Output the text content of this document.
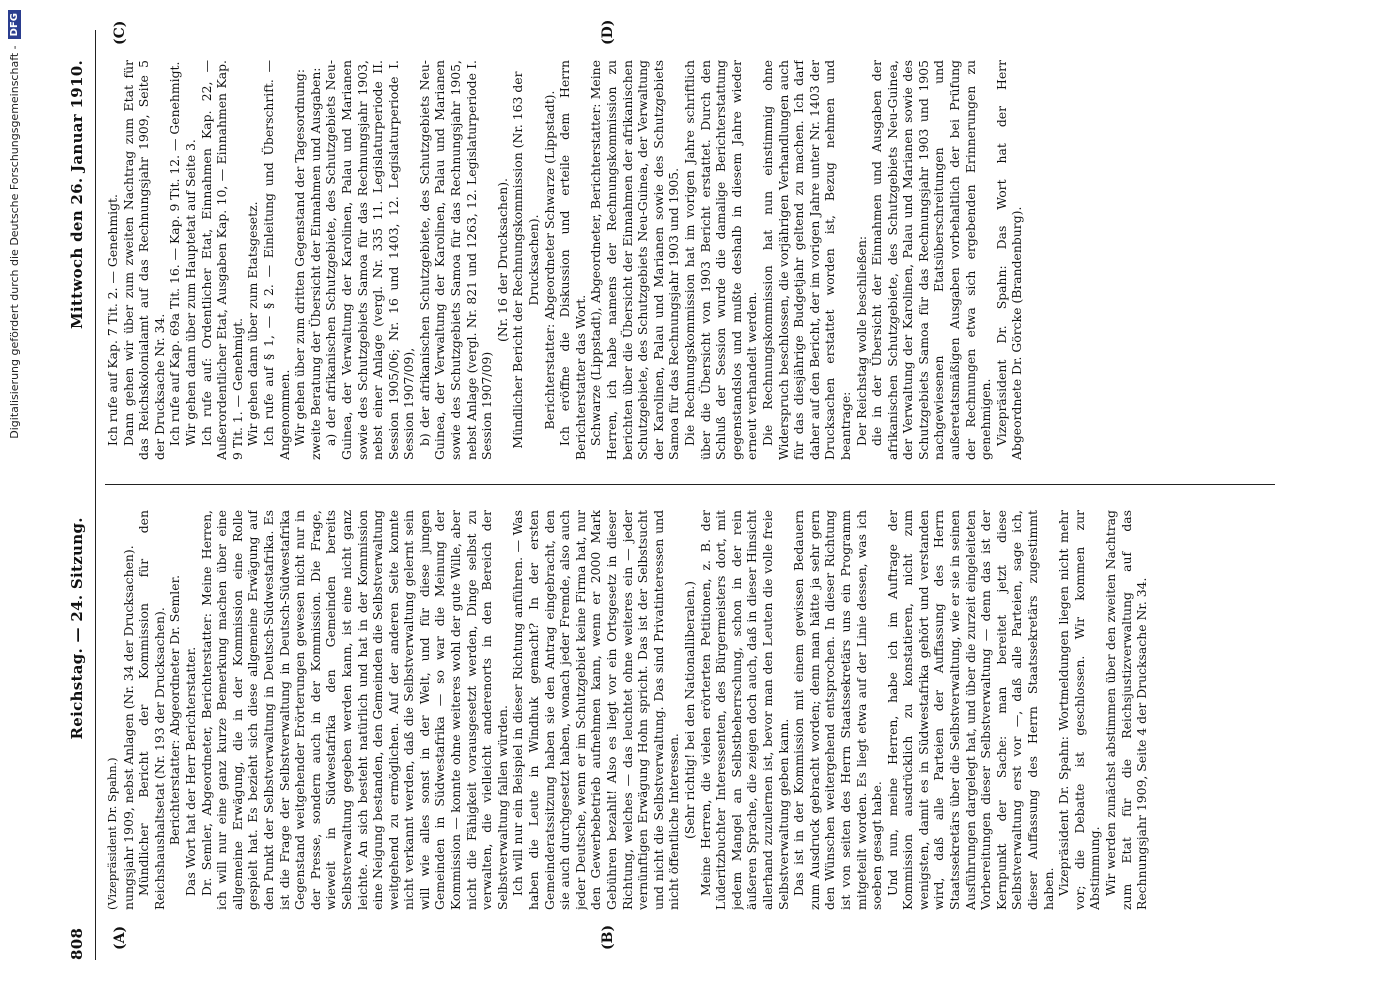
808
Reichstag. — 24. Sitzung.
Mittwoch den 26. Januar 1910.
(A)	(B)
(C)	(D)

(Vizepräsident Dr. Spahn.) nungsjahr 1909, nebst Anlagen (Nr. 34 der Drucksachen). Mündlicher Bericht der Kommission für den Reichshaushaltsetat (Nr. 193 der Drucksachen). Berichterstatter: Abgeordneter Dr. Semler. Das Wort hat der Herr Berichterstatter. Dr. Semler, Abgeordneter, Berichterstatter: Meine Herren, ich will nur eine ganz kurze Bemerkung machen über eine allgemeine Erwägung, die in der Kommission eine Rolle gespielt hat. Es bezieht sich diese allgemeine Erwägung auf den Punkt der Selbstverwaltung in Deutsch-Südwestafrika. Es ist die Frage der Selbstverwaltung in Deutsch-Südwestafrika Gegenstand weitgehender Erörterungen gewesen nicht nur in der Presse, sondern auch in der Kommission. Die Frage, wieweit in Südwestafrika den Gemeinden bereits Selbstverwaltung gegeben werden kann, ist eine nicht ganz leichte. An sich besteht natürlich und hat in der Kommission eine Neigung bestanden, den Gemeinden die Selbstverwaltung weitgehend zu ermöglichen. Auf der anderen Seite konnte nicht verkannt werden, daß die Selbstverwaltung gelernt sein will wie alles sonst in der Welt, und für diese jungen Gemeinden in Südwestafrika — so war die Meinung der Kommission — konnte ohne weiteres wohl der gute Wille, aber nicht die Fähigkeit vorausgesetzt werden, Dinge selbst zu verwalten, die vielleicht anderenorts in den Bereich der Selbstverwaltung fallen würden. Ich will nur ein Beispiel in dieser Richtung anführen. — Was haben die Leute in Windhuk gemacht? In der ersten Gemeinderatssitzung haben sie den Antrag eingebracht, den sie auch durchgesetzt haben, wonach jeder Fremde, also auch jeder Deutsche, wenn er im Schutzgebiet keine Firma hat, nur den Gewerbebetrieb aufnehmen kann, wenn er 2000 Mark Gebühren bezahlt! Also es liegt vor ein Ortsgesetz in dieser Richtung, welches — das leuchtet ohne weiteres ein — jeder vernünftigen Erwägung Hohn spricht. Das ist der Selbstsucht und nicht die Selbstverwaltung. Das sind Privatinteressen und nicht öffentliche Interessen. (Sehr richtig! bei den Nationalliberalen.) Meine Herren, die vielen erörterten Petitionen, z. B. der Lüderitzbuchter Interessenten, des Bürgermeisters dort, mit jedem Mangel an Selbstbeherrschung, schon in der rein äußeren Sprache, die zeigen doch auch, daß in dieser Hinsicht allerhand zuzulernen ist, bevor man den Leuten die volle freie Selbstverwaltung geben kann. Das ist in der Kommission mit einem gewissen Bedauern zum Ausdruck gebracht worden; denn man hätte ja sehr gern den Wünschen weitergehend entsprochen. In dieser Richtung ist von seiten des Herrn Staatssekretärs uns ein Programm mitgeteilt worden. Es liegt etwa auf der Linie dessen, was ich soeben gesagt habe. Und nun, meine Herren, habe ich im Auftrage der Kommission ausdrücklich zu konstatieren, nicht zum wenigsten, damit es in Südwestafrika gehört und verstanden wird, daß alle Parteien der Auffassung des Herrn Staatssekretärs über die Selbstverwaltung, wie er sie in seinen Ausführungen dargelegt hat, und über die zurzeit eingeleiteten Vorbereitungen dieser Selbstverwaltung — denn das ist der Kernpunkt der Sache: man bereitet jetzt diese Selbstverwaltung erst vor —, daß alle Parteien, sage ich, dieser Auffassung des Herrn Staatssekretärs zugestimmt haben. Vizepräsident Dr. Spahn: Wortmeldungen liegen nicht mehr vor; die Debatte ist geschlossen. Wir kommen zur Abstimmung. Wir werden zunächst abstimmen über den zweiten Nachtrag zum Etat für die Reichsjustizverwaltung auf das Rechnungsjahr 1909, Seite 4 der Drucksache Nr. 34.

Ich rufe auf Kap. 7 Tit. 2. — Genehmigt. Dann gehen wir über zum zweiten Nachtrag zum Etat für das Reichskolonialamt auf das Rechnungsjahr 1909, Seite 5 der Drucksache Nr. 34. Ich rufe auf Kap. 69a Tit. 16. — Kap. 9 Tit. 12. — Genehmigt. Wir gehen dann über zum Hauptetat auf Seite 3. Ich rufe auf: Ordentlicher Etat, Einnahmen Kap. 22, — Außerordentlicher Etat, Ausgaben Kap. 10, — Einnahmen Kap. 9 Tit. 1. — Genehmigt. Wir gehen dann über zum Etatsgesetz. Ich rufe auf § 1, — § 2. — Einleitung und Überschrift. — Angenommen. Wir gehen über zum dritten Gegenstand der Tagesordnung: zweite Beratung der Übersicht der Einnahmen und Ausgaben: a) der afrikanischen Schutzgebiete, des Schutzgebiets Neu-Guinea, der Verwaltung der Karolinen, Palau und Marianen sowie des Schutzgebiets Samoa für das Rechnungsjahr 1903, nebst einer Anlage (vergl. Nr. 335 11. Legislaturperiode II. Session 1905/06; Nr. 16 und 1403, 12. Legislaturperiode I. Session 1907/09), b) der afrikanischen Schutzgebiete, des Schutzgebiets Neu-Guinea, der Verwaltung der Karolinen, Palau und Marianen sowie des Schutzgebiets Samoa für das Rechnungsjahr 1905, nebst Anlage (vergl. Nr. 821 und 1263, 12. Legislaturperiode I. Session 1907/09)

(Nr. 16 der Drucksachen). Mündlicher Bericht der Rechnungskommission (Nr. 163 der Drucksachen). Berichterstatter: Abgeordneter Schwarze (Lippstadt). Ich eröffne die Diskussion und erteile dem Herrn Berichterstatter das Wort. Schwarze (Lippstadt), Abgeordneter, Berichterstatter: Meine Herren, ich habe namens der Rechnungskommission zu berichten über die Übersicht der Einnahmen der afrikanischen Schutzgebiete, des Schutzgebiets Neu-Guinea, der Verwaltung der Karolinen, Palau und Marianen sowie des Schutzgebiets Samoa für das Rechnungsjahr 1903 und 1905. Die Rechnungskommission hat im vorigen Jahre schriftlich über die Übersicht von 1903 Bericht erstattet. Durch den Schluß der Session wurde die damalige Berichterstattung gegenstandslos und mußte deshalb in diesem Jahre wieder erneut verhandelt werden. Die Rechnungskommission hat nun einstimmig ohne Widerspruch beschlossen, die vorjährigen Verhandlungen auch für das diesjährige Budgetjahr geltend zu machen. Ich darf daher auf den Bericht, der im vorigen Jahre unter Nr. 1403 der Drucksachen erstattet worden ist, Bezug nehmen und beantrage: Der Reichstag wolle beschließen: die in der Übersicht der Einnahmen und Ausgaben der afrikanischen Schutzgebiete, des Schutzgebiets Neu-Guinea, der Verwaltung der Karolinen, Palau und Marianen sowie des Schutzgebiets Samoa für das Rechnungsjahr 1903 und 1905 nachgewiesenen Etatsüberschreitungen und außeretatsmäßigen Ausgaben vorbehaltlich der bei Prüfung der Rechnungen etwa sich ergebenden Erinnerungen zu genehmigen. Vizepräsident Dr. Spahn: Das Wort hat der Herr Abgeordnete Dr. Görcke (Brandenburg).

Digitalisierung gefördert durch die Deutsche Forschungsgemeinschaft -
DFG
